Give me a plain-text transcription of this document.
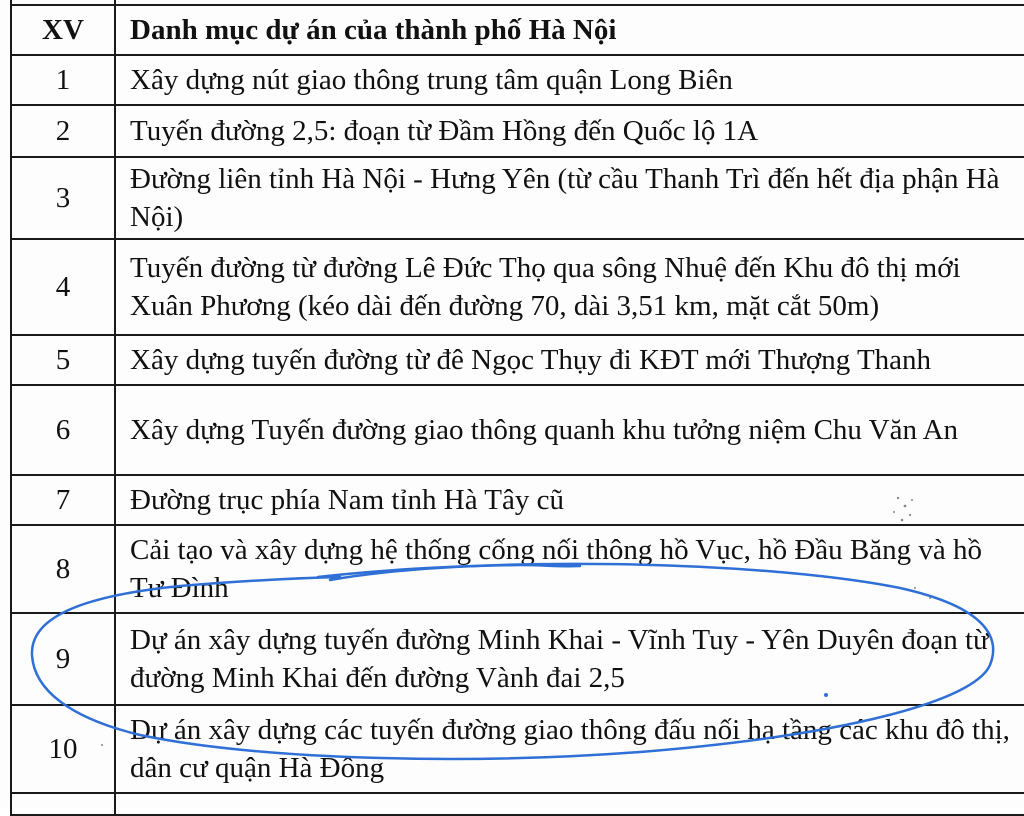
XV	Danh mục dự án của thành phố Hà Nội
1	Xây dựng nút giao thông trung tâm quận Long Biên
2	Tuyến đường 2,5: đoạn từ Đầm Hồng đến Quốc lộ 1A
3	Đường liên tỉnh Hà Nội - Hưng Yên (từ cầu Thanh Trì đến hết địa phận Hà Nội)
4	Tuyến đường từ đường Lê Đức Thọ qua sông Nhuệ đến Khu đô thị mới Xuân Phương (kéo dài đến đường 70, dài 3,51 km, mặt cắt 50m)
5	Xây dựng tuyến đường từ đê Ngọc Thụy đi KĐT mới Thượng Thanh
6	Xây dựng Tuyến đường giao thông quanh khu tưởng niệm Chu Văn An
7	Đường trục phía Nam tỉnh Hà Tây cũ
8	Cải tạo và xây dựng hệ thống cống nối thông hồ Vục, hồ Đầu Băng và hồ Tư Đình
9	Dự án xây dựng tuyến đường Minh Khai - Vĩnh Tuy - Yên Duyên đoạn từ đường Minh Khai đến đường Vành đai 2,5
10	Dự án xây dựng các tuyến đường giao thông đấu nối hạ tầng các khu đô thị, dân cư quận Hà Đông
